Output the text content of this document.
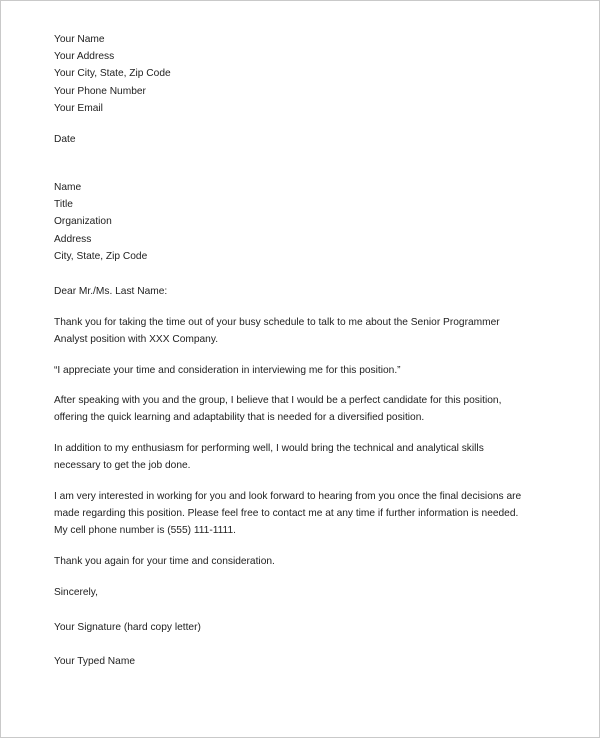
Your Name
Your Address
Your City, State, Zip Code
Your Phone Number
Your Email
Date
Name
Title
Organization
Address
City, State, Zip Code
Dear Mr./Ms. Last Name:
Thank you for taking the time out of your busy schedule to talk to me about the Senior Programmer
Analyst position with XXX Company.
“I appreciate your time and consideration in interviewing me for this position.”
After speaking with you and the group, I believe that I would be a perfect candidate for this position,
offering the quick learning and adaptability that is needed for a diversified position.
In addition to my enthusiasm for performing well, I would bring the technical and analytical skills
necessary to get the job done.
I am very interested in working for you and look forward to hearing from you once the final decisions are
made regarding this position. Please feel free to contact me at any time if further information is needed.
My cell phone number is (555) 111-1111.
Thank you again for your time and consideration.
Sincerely,
Your Signature (hard copy letter)
Your Typed Name
